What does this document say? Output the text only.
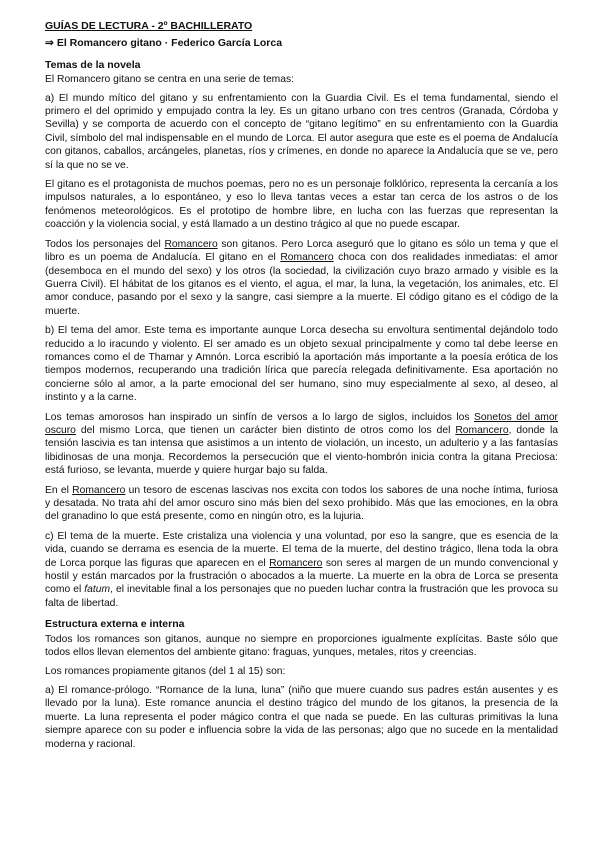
GUÍAS DE LECTURA - 2º BACHILLERATO
⇒ El Romancero gitano · Federico García Lorca
Temas de la novela

El Romancero gitano se centra en una serie de temas:

a) El mundo mítico del gitano y su enfrentamiento con la Guardia Civil. Es el tema fundamental, siendo el primero el del oprimido y empujado contra la ley. Es un gitano urbano con tres centros (Granada, Córdoba y Sevilla) y se comporta de acuerdo con el concepto de “gitano legítimo” en su enfrentamiento con la Guardia Civil, símbolo del mal indispensable en el mundo de Lorca. El autor asegura que este es el poema de Andalucía con gitanos, caballos, arcángeles, planetas, ríos y crímenes, en donde no aparece la Andalucía que se ve, pero sí la que no se ve.

El gitano es el protagonista de muchos poemas, pero no es un personaje folklórico, representa la cercanía a los impulsos naturales, a lo espontáneo, y eso lo lleva tantas veces a estar tan cerca de los astros o de los fenómenos meteorológicos. Es el prototipo de hombre libre, en lucha con las fuerzas que representan la coacción y la violencia social, y está llamado a un destino trágico al que no puede escapar.

Todos los personajes del Romancero son gitanos. Pero Lorca aseguró que lo gitano es sólo un tema y que el libro es un poema de Andalucía. El gitano en el Romancero choca con dos realidades inmediatas: el amor (desemboca en el mundo del sexo) y los otros (la sociedad, la civilización cuyo brazo armado y visible es la Guerra Civil). El hábitat de los gitanos es el viento, el agua, el mar, la luna, la vegetación, los animales, etc. El amor conduce, pasando por el sexo y la sangre, casi siempre a la muerte. El código gitano es el código de la muerte.

b) El tema del amor. Este tema es importante aunque Lorca desecha su envoltura sentimental dejándolo todo reducido a lo iracundo y violento. El ser amado es un objeto sexual principalmente y como tal debe leerse en romances como el de Thamar y Amnón. Lorca escribió la aportación más importante a la poesía erótica de los tiempos modernos, recuperando una tradición lírica que parecía relegada definitivamente. Esa aportación no concierne sólo al amor, a la parte emocional del ser humano, sino muy especialmente al sexo, al deseo, al instinto y a la carne.

Los temas amorosos han inspirado un sinfín de versos a lo largo de siglos, incluidos los Sonetos del amor oscuro del mismo Lorca, que tienen un carácter bien distinto de otros como los del Romancero, donde la tensión lascivia es tan intensa que asistimos a un intento de violación, un incesto, un adulterio y a las fantasías libidinosas de una monja. Recordemos la persecución que el viento-hombrón inicia contra la gitana Preciosa: está furioso, se levanta, muerde y quiere hurgar bajo su falda.

En el Romancero un tesoro de escenas lascivas nos excita con todos los sabores de una noche íntima, furiosa y desatada. No trata ahí del amor oscuro sino más bien del sexo prohibido. Más que las emociones, en la obra del granadino lo que está presente, como en ningún otro, es la lujuria.

c) El tema de la muerte. Este cristaliza una violencia y una voluntad, por eso la sangre, que es esencia de la vida, cuando se derrama es esencia de la muerte. El tema de la muerte, del destino trágico, llena toda la obra de Lorca porque las figuras que aparecen en el Romancero son seres al margen de un mundo convencional y hostil y están marcados por la frustración o abocados a la muerte. La muerte en la obra de Lorca se presenta como el fatum, el inevitable final a los personajes que no pueden luchar contra la frustración que les provoca su falta de libertad.

Estructura externa e interna

Todos los romances son gitanos, aunque no siempre en proporciones igualmente explícitas. Baste sólo que todos ellos llevan elementos del ambiente gitano: fraguas, yunques, metales, ritos y creencias.

Los romances propiamente gitanos (del 1 al 15) son:

a) El romance-prólogo. “Romance de la luna, luna” (niño que muere cuando sus padres están ausentes y es llevado por la luna). Este romance anuncia el destino trágico del mundo de los gitanos, la presencia de la muerte. La luna representa el poder mágico contra el que nada se puede. En las culturas primitivas la luna siempre aparece con su poder e influencia sobre la vida de las personas; algo que no sucede en la mentalidad moderna y racional.
